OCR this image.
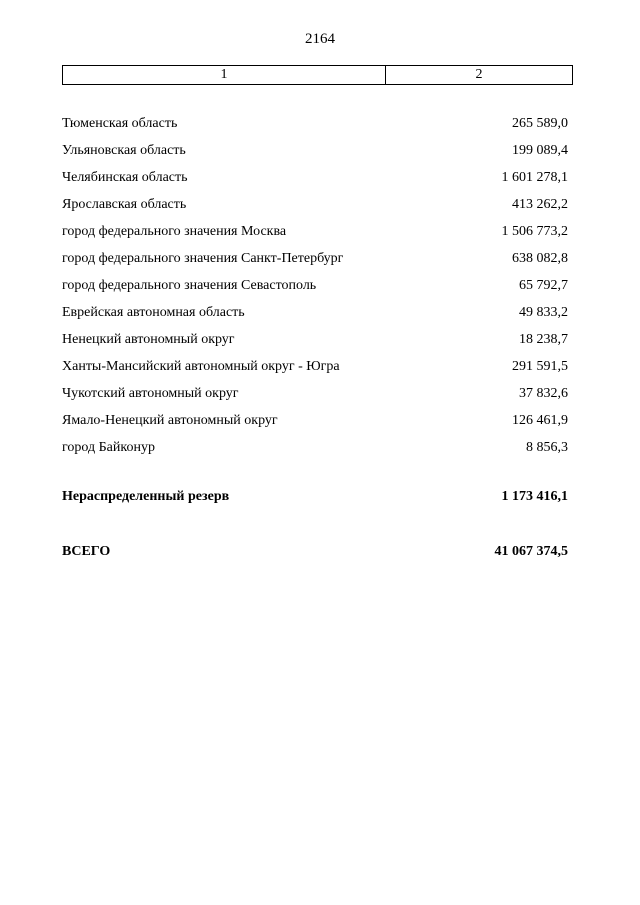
2164
1	2
Тюменская область	265 589,0
Ульяновская область	199 089,4
Челябинская область	1 601 278,1
Ярославская область	413 262,2
город федерального значения Москва	1 506 773,2
город федерального значения Санкт-Петербург	638 082,8
город федерального значения Севастополь	65 792,7
Еврейская автономная область	49 833,2
Ненецкий автономный округ	18 238,7
Ханты-Мансийский автономный округ - Югра	291 591,5
Чукотский автономный округ	37 832,6
Ямало-Ненецкий автономный округ	126 461,9
город Байконур	8 856,3
Нераспределенный резерв	1 173 416,1
ВСЕГО	41 067 374,5
